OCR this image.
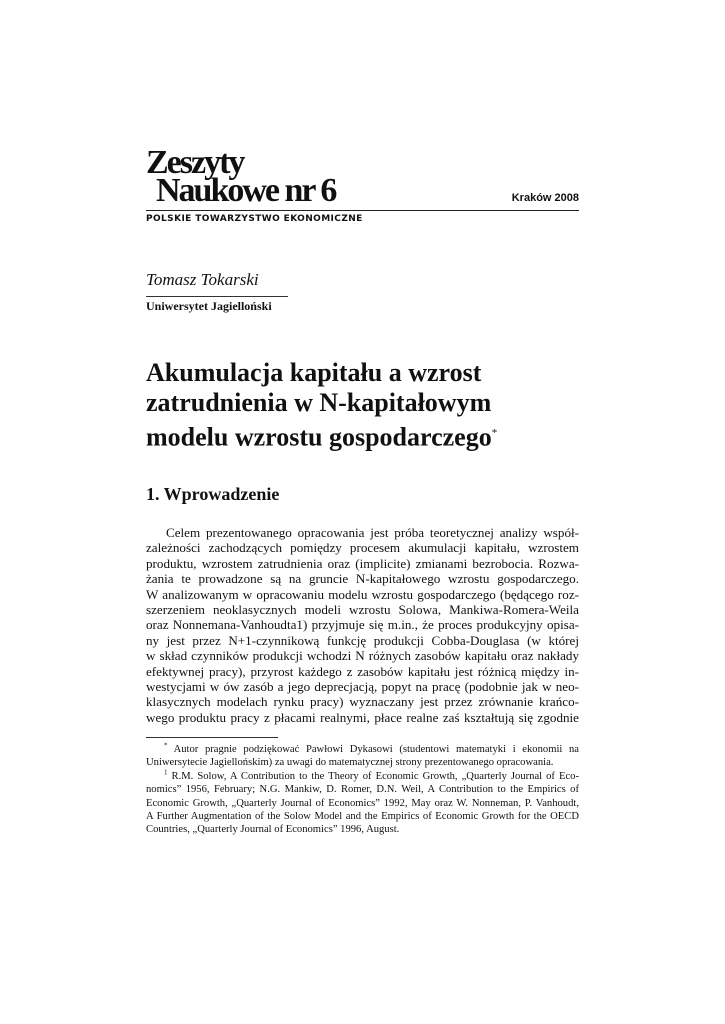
Zeszyty
Naukowe nr 6	Kraków 2008
POLSKIE TOWARZYSTWO EKONOMICZNE
Tomasz Tokarski
Uniwersytet Jagielloński
Akumulacja kapitału a wzrost
zatrudnienia w N-kapitałowym
modelu wzrostu gospodarczego*
1. Wprowadzenie
Celem prezentowanego opracowania jest próba teoretycznej analizy współ-
zależności zachodzących pomiędzy procesem akumulacji kapitału, wzrostem
produktu, wzrostem zatrudnienia oraz (implicite) zmianami bezrobocia. Rozwa-
żania te prowadzone są na gruncie N-kapitałowego wzrostu gospodarczego.
W analizowanym w opracowaniu modelu wzrostu gospodarczego (będącego roz-
szerzeniem neoklasycznych modeli wzrostu Solowa, Mankiwa-Romera-Weila
oraz Nonnemana-Vanhoudta1) przyjmuje się m.in., że proces produkcyjny opisa-
ny jest przez N+1-czynnikową funkcję produkcji Cobba-Douglasa (w której
w skład czynników produkcji wchodzi N różnych zasobów kapitału oraz nakłady
efektywnej pracy), przyrost każdego z zasobów kapitału jest różnicą między in-
westycjami w ów zasób a jego deprecjacją, popyt na pracę (podobnie jak w neo-
klasycznych modelach rynku pracy) wyznaczany jest przez zrównanie krańco-
wego produktu pracy z płacami realnymi, płace realne zaś kształtują się zgodnie
* Autor pragnie podziękować Pawłowi Dykasowi (studentowi matematyki i ekonomii na
Uniwersytecie Jagiellońskim) za uwagi do matematycznej strony prezentowanego opracowania.
$^1$ R.M. Solow, A Contribution to the Theory of Economic Growth, „Quarterly Journal of Eco-
nomics” 1956, February; N.G. Mankiw, D. Romer, D.N. Weil, A Contribution to the Empirics of
Economic Growth, „Quarterly Journal of Economics” 1992, May oraz W. Nonneman, P. Vanhoudt,
A Further Augmentation of the Solow Model and the Empirics of Economic Growth for the OECD
Countries, „Quarterly Journal of Economics” 1996, August.
